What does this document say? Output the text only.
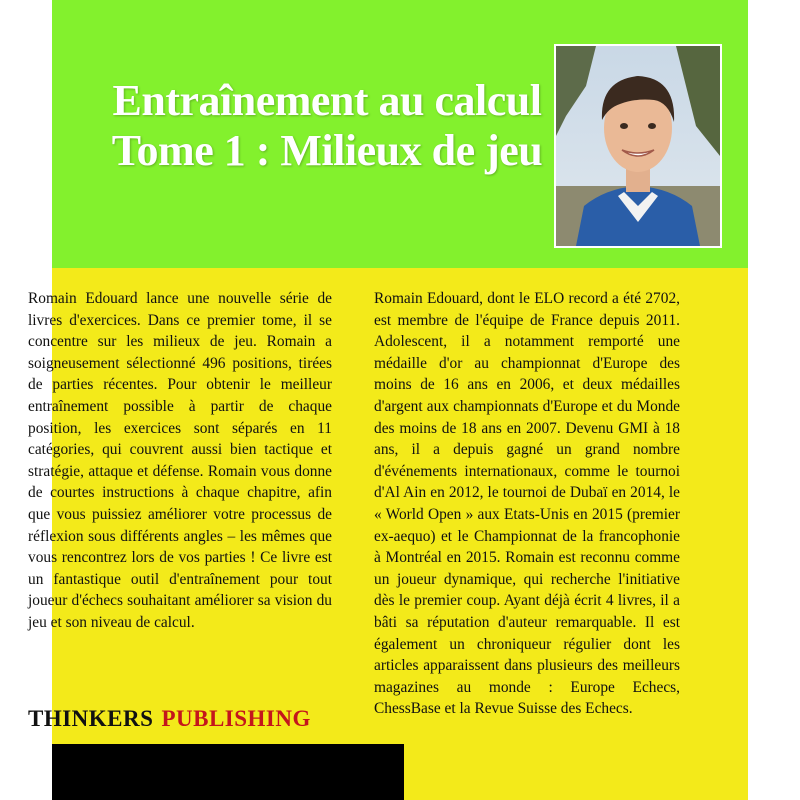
Entraînement au calcul
Tome 1 : Milieux de jeu
Romain Edouard lance une nouvelle série de livres d'exercices. Dans ce premier tome, il se concentre sur les milieux de jeu. Romain a soigneusement sélectionné 496 positions, tirées de parties récentes. Pour obtenir le meilleur entraînement possible à partir de chaque position, les exercices sont séparés en 11 catégories, qui couvrent aussi bien tactique et stratégie, attaque et défense. Romain vous donne de courtes instructions à chaque chapitre, afin que vous puissiez améliorer votre processus de réflexion sous différents angles – les mêmes que vous rencontrez lors de vos parties ! Ce livre est un fantastique outil d'entraînement pour tout joueur d'échecs souhaitant améliorer sa vision du jeu et son niveau de calcul.
Romain Edouard, dont le ELO record a été 2702, est membre de l'équipe de France depuis 2011. Adolescent, il a notamment remporté une médaille d'or au championnat d'Europe des moins de 16 ans en 2006, et deux médailles d'argent aux championnats d'Europe et du Monde des moins de 18 ans en 2007. Devenu GMI à 18 ans, il a depuis gagné un grand nombre d'événements internationaux, comme le tournoi d'Al Ain en 2012, le tournoi de Dubaï en 2014, le « World Open » aux Etats-Unis en 2015 (premier ex-aequo) et le Championnat de la francophonie à Montréal en 2015. Romain est reconnu comme un joueur dynamique, qui recherche l'initiative dès le premier coup. Ayant déjà écrit 4 livres, il a bâti sa réputation d'auteur remarquable. Il est également un chroniqueur régulier dont les articles apparaissent dans plusieurs des meilleurs magazines au monde : Europe Echecs, ChessBase et la Revue Suisse des Echecs.
THINKERS PUBLISHING
